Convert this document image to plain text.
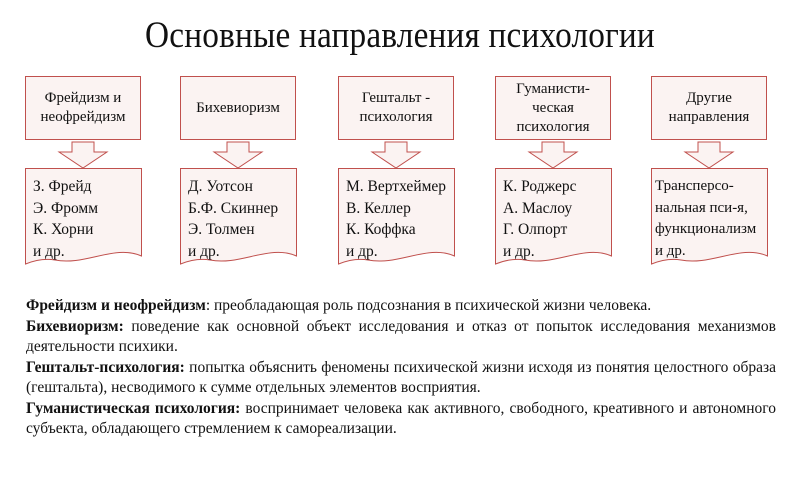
Основные направления психологии
Фрейдизм и неофрейдизм
З. Фрейд
Э. Фромм
К. Хорни
и др.
Бихевиоризм
Д. Уотсон
Б.Ф. Скиннер
Э. Толмен
и др.
Гештальт - психология
М. Вертхеймер
В. Келлер
К. Коффка
и др.
Гуманисти-ческая психология
К. Роджерс
А. Маслоу
Г. Олпорт
и др.
Другие направления
Трансперсо-
нальная пси-я,
функционализм
и др.

Фрейдизм и неофрейдизм: преобладающая роль подсознания в психической жизни человека.

Бихевиоризм: поведение как основной объект исследования и отказ от попыток исследования механизмов деятельности психики.

Гештальт-психология: попытка объяснить феномены психической жизни исходя из понятия целостного образа (гештальта), несводимого к сумме отдельных элементов восприятия.

Гуманистическая психология: воспринимает человека как активного, свободного, креативного и автономного субъекта, обладающего стремлением к самореализации.
